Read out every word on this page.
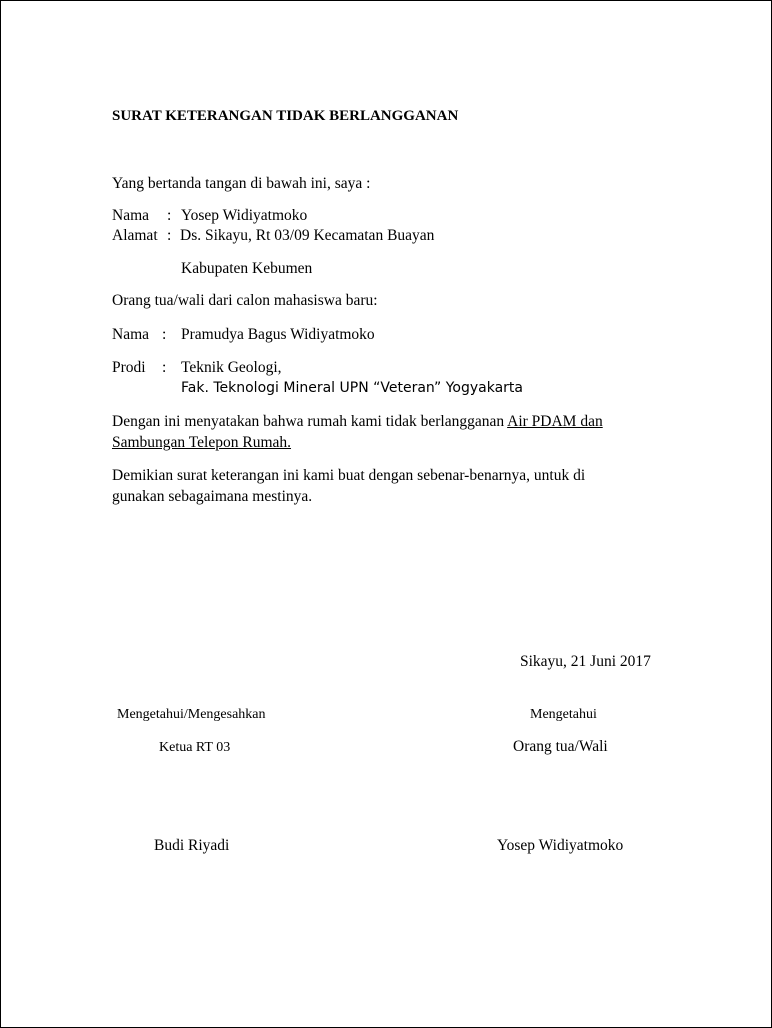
SURAT KETERANGAN TIDAK BERLANGGANAN
Yang bertanda tangan di bawah ini, saya :
Nama : Yosep Widiyatmoko
Alamat : Ds. Sikayu, Rt 03/09 Kecamatan Buayan
Kabupaten Kebumen
Orang tua/wali dari calon mahasiswa baru:
Nama : Pramudya Bagus Widiyatmoko
Prodi : Teknik Geologi,
Fak. Teknologi Mineral UPN “Veteran” Yogyakarta
Dengan ini menyatakan bahwa rumah kami tidak berlangganan Air PDAM dan
Sambungan Telepon Rumah.
Demikian surat keterangan ini kami buat dengan sebenar-benarnya, untuk di
gunakan sebagaimana mestinya.
Sikayu, 21 Juni 2017
Mengetahui/Mengesahkan	Mengetahui
Ketua RT 03	Orang tua/Wali
Budi Riyadi	Yosep Widiyatmoko
